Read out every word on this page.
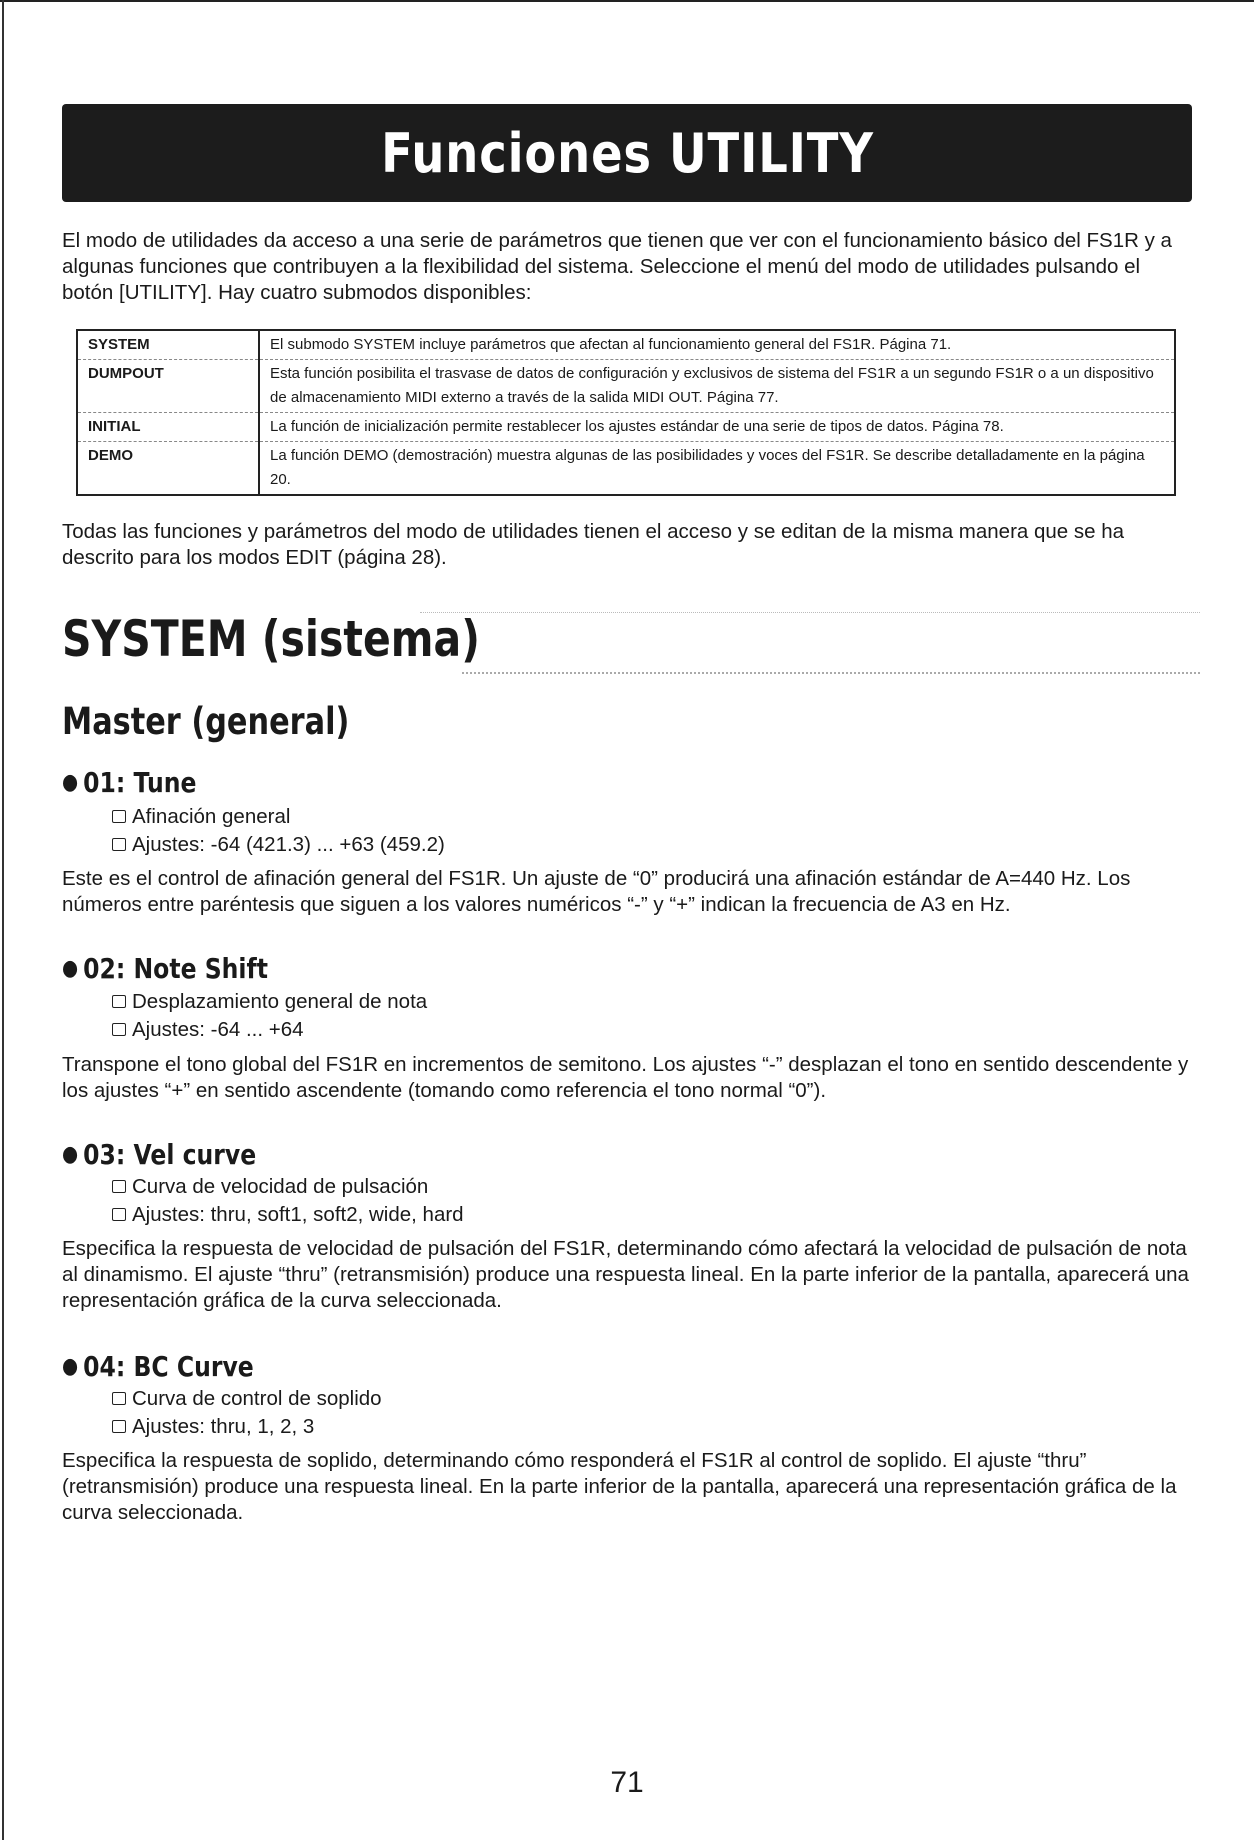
Funciones UTILITY

El modo de utilidades da acceso a una serie de parámetros que tienen que ver con el funcionamiento básico del FS1R y a algunas funciones que contribuyen a la flexibilidad del sistema. Seleccione el menú del modo de utilidades pulsando el botón [UTILITY]. Hay cuatro submodos disponibles:

SYSTEM	El submodo SYSTEM incluye parámetros que afectan al funcionamiento general del FS1R. Página 71.
DUMPOUT	Esta función posibilita el trasvase de datos de configuración y exclusivos de sistema del FS1R a un segundo FS1R o a un dispositivo de almacenamiento MIDI externo a través de la salida MIDI OUT. Página 77.
INITIAL	La función de inicialización permite restablecer los ajustes estándar de una serie de tipos de datos. Página 78.
DEMO	La función DEMO (demostración) muestra algunas de las posibilidades y voces del FS1R. Se describe detalladamente en la página 20.

Todas las funciones y parámetros del modo de utilidades tienen el acceso y se editan de la misma manera que se ha descrito para los modos EDIT (página 28).

SYSTEM (sistema)
Master (general)
● 01: Tune
Afinación general
Ajustes: -64 (421.3) ... +63 (459.2)

Este es el control de afinación general del FS1R. Un ajuste de “0” producirá una afinación estándar de A=440 Hz. Los números entre paréntesis que siguen a los valores numéricos “-” y “+” indican la frecuencia de A3 en Hz.

● 02: Note Shift
Desplazamiento general de nota
Ajustes: -64 ... +64

Transpone el tono global del FS1R en incrementos de semitono. Los ajustes “-” desplazan el tono en sentido descendente y los ajustes “+” en sentido ascendente (tomando como referencia el tono normal “0”).

● 03: Vel curve
Curva de velocidad de pulsación
Ajustes: thru, soft1, soft2, wide, hard

Especifica la respuesta de velocidad de pulsación del FS1R, determinando cómo afectará la velocidad de pulsación de nota al dinamismo. El ajuste “thru” (retransmisión) produce una respuesta lineal. En la parte inferior de la pantalla, aparecerá una representación gráfica de la curva seleccionada.

● 04: BC Curve
Curva de control de soplido
Ajustes: thru, 1, 2, 3

Especifica la respuesta de soplido, determinando cómo responderá el FS1R al control de soplido. El ajuste “thru” (retransmisión) produce una respuesta lineal. En la parte inferior de la pantalla, aparecerá una representación gráfica de la curva seleccionada.

71
